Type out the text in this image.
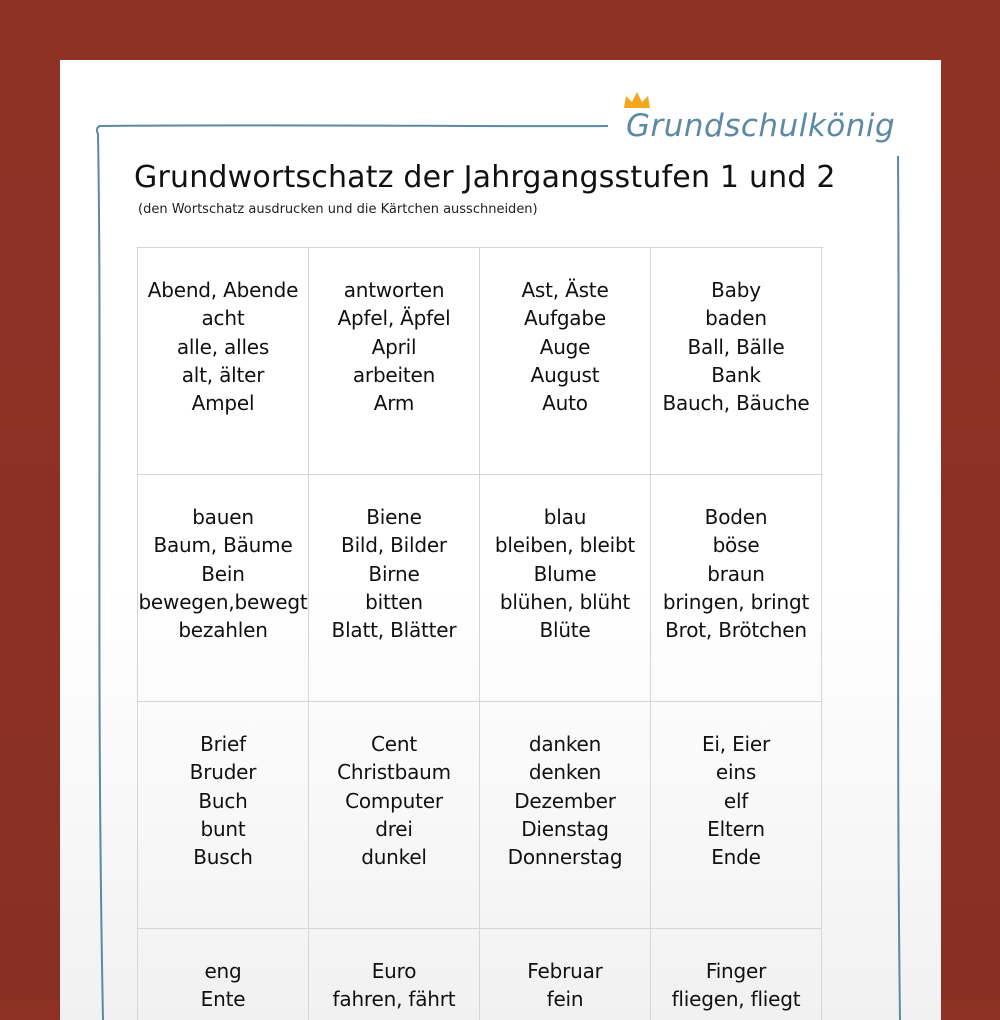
Grundschulkönig
Grundwortschatz der Jahrgangsstufen 1 und 2
(den Wortschatz ausdrucken und die Kärtchen ausschneiden)
Abend, Abende
acht
alle, alles
alt, älter
Ampel
antworten
Apfel, Äpfel
April
arbeiten
Arm
Ast, Äste
Aufgabe
Auge
August
Auto
Baby
baden
Ball, Bälle
Bank
Bauch, Bäuche
bauen
Baum, Bäume
Bein
bewegen,bewegt
bezahlen
Biene
Bild, Bilder
Birne
bitten
Blatt, Blätter
blau
bleiben, bleibt
Blume
blühen, blüht
Blüte
Boden
böse
braun
bringen, bringt
Brot, Brötchen
Brief
Bruder
Buch
bunt
Busch
Cent
Christbaum
Computer
drei
dunkel
danken
denken
Dezember
Dienstag
Donnerstag
Ei, Eier
eins
elf
Eltern
Ende
eng
Ente
Euro
fahren, fährt
Februar
fein
Finger
fliegen, fliegt
